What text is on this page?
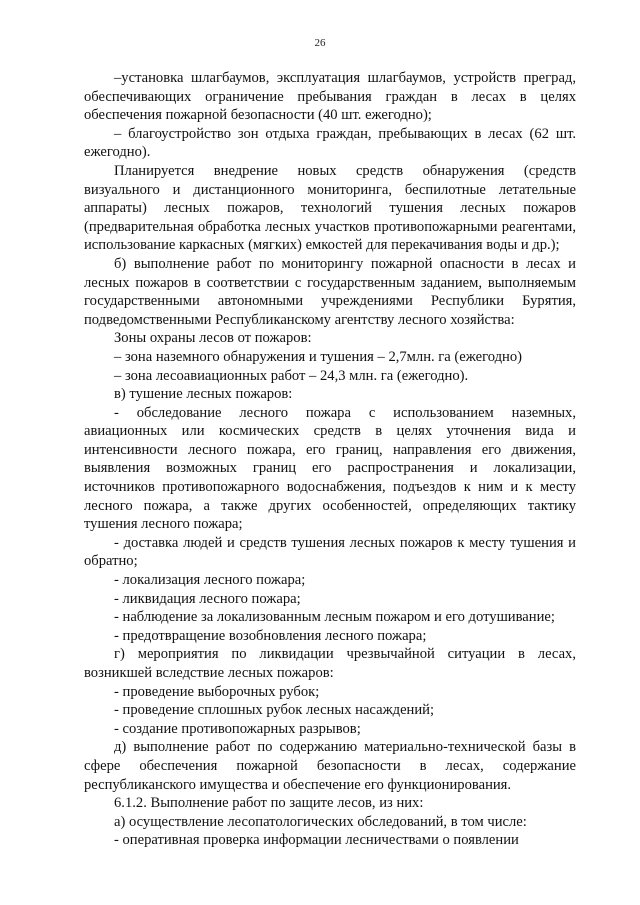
26

–установка шлагбаумов, эксплуатация шлагбаумов, устройств преград, обеспечивающих ограничение пребывания граждан в лесах в целях обеспечения пожарной безопасности (40 шт. ежегодно);

– благоустройство зон отдыха граждан, пребывающих в лесах (62 шт. ежегодно).

Планируется внедрение новых средств обнаружения (средств визуального и дистанционного мониторинга, беспилотные летательные аппараты) лесных пожаров, технологий тушения лесных пожаров (предварительная обработка лесных участков противопожарными реагентами, использование каркасных (мягких) емкостей для перекачивания воды и др.);

б) выполнение работ по мониторингу пожарной опасности в лесах и лесных пожаров в соответствии с государственным заданием, выполняемым государственными автономными учреждениями Республики Бурятия, подведомственными Республиканскому агентству лесного хозяйства:

Зоны охраны лесов от пожаров:

– зона наземного обнаружения и тушения – 2,7млн. га (ежегодно)

– зона лесоавиационных работ – 24,3 млн. га (ежегодно).

в) тушение лесных пожаров:

- обследование лесного пожара с использованием наземных, авиационных или космических средств в целях уточнения вида и интенсивности лесного пожара, его границ, направления его движения, выявления возможных границ его распространения и локализации, источников противопожарного водоснабжения, подъездов к ним и к месту лесного пожара, а также других особенностей, определяющих тактику тушения лесного пожара;

- доставка людей и средств тушения лесных пожаров к месту тушения и обратно;

- локализация лесного пожара;

- ликвидация лесного пожара;

- наблюдение за локализованным лесным пожаром и его дотушивание;

- предотвращение возобновления лесного пожара;

г) мероприятия по ликвидации чрезвычайной ситуации в лесах, возникшей вследствие лесных пожаров:

- проведение выборочных рубок;

- проведение сплошных рубок лесных насаждений;

- создание противопожарных разрывов;

д) выполнение работ по содержанию материально-технической базы в сфере обеспечения пожарной безопасности в лесах, содержание республиканского имущества и обеспечение его функционирования.

6.1.2. Выполнение работ по защите лесов, из них:

а) осуществление лесопатологических обследований, в том числе:

- оперативная проверка информации лесничествами о появлении
